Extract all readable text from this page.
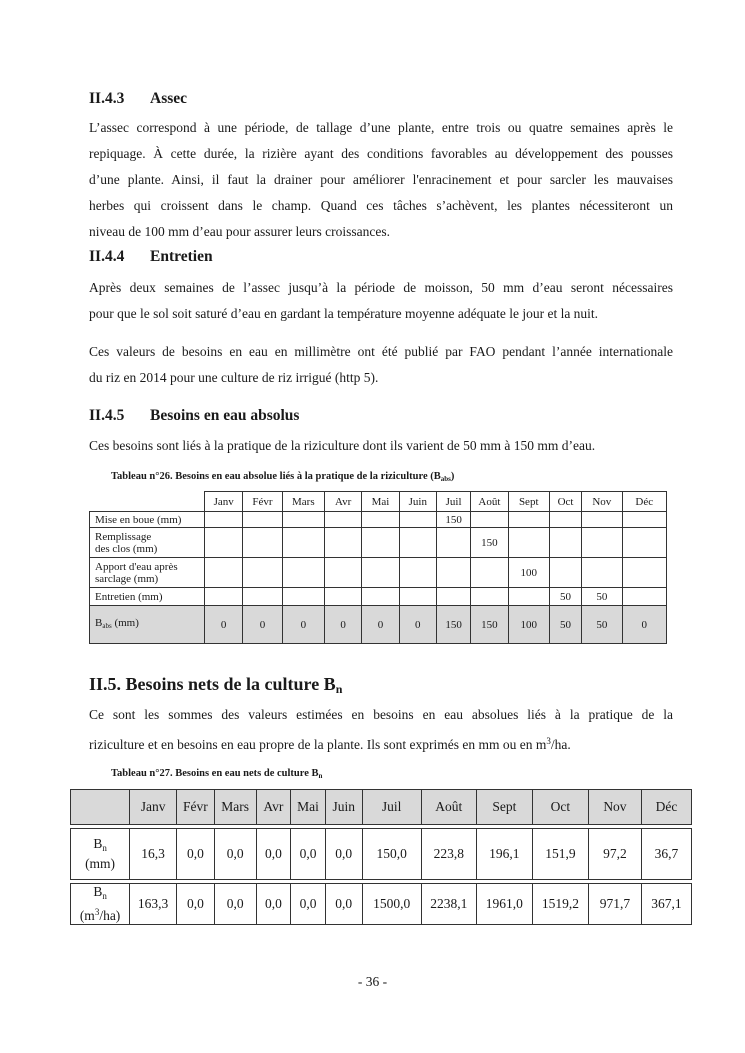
II.4.3 Assec
L’assec correspond à une période, de tallage d’une plante, entre trois ou quatre semaines après le
repiquage. À cette durée, la rizière ayant des conditions favorables au développement des pousses
d’une plante. Ainsi, il faut la drainer pour améliorer l'enracinement et pour sarcler les mauvaises
herbes qui croissent dans le champ. Quand ces tâches s’achèvent, les plantes nécessiteront un
niveau de 100 mm d’eau pour assurer leurs croissances.
II.4.4 Entretien
Après deux semaines de l’assec jusqu’à la période de moisson, 50 mm d’eau seront nécessaires
pour que le sol soit saturé d’eau en gardant la température moyenne adéquate le jour et la nuit.
Ces valeurs de besoins en eau en millimètre ont été publié par FAO pendant l’année internationale
du riz en 2014 pour une culture de riz irrigué (http 5).
II.4.5 Besoins en eau absolus
Ces besoins sont liés à la pratique de la riziculture dont ils varient de 50 mm à 150 mm d’eau.
Tableau n°26. Besoins en eau absolue liés à la pratique de la riziculture $(B_{abs})$
	Janv	Févr	Mars	Avr	Mai	Juin	Juil	Août	Sept	Oct	Nov	Déc
Mise en boue (mm)							150					
Remplissage
des clos (mm)								150				
Apport d'eau après
sarclage (mm)									100			
Entretien (mm)										50	50	
$B_{abs}$ (mm)	0	0	0	0	0	0	150	150	100	50	50	0
II.5. Besoins nets de la culture $B_n$
Ce sont les sommes des valeurs estimées en besoins en eau absolues liés à la pratique de la
riziculture et en besoins en eau propre de la plante. Ils sont exprimés en mm ou en $m^3/ha$.
Tableau n°27. Besoins en eau nets de culture $B_n$
	Janv	Févr	Mars	Avr	Mai	Juin	Juil	Août	Sept	Oct	Nov	Déc

$B_n$
(mm)	16,3	0,0	0,0	0,0	0,0	0,0	150,0	223,8	196,1	151,9	97,2	36,7

$B_n$
$(m^3/ha)$	163,3	0,0	0,0	0,0	0,0	0,0	1500,0	2238,1	1961,0	1519,2	971,7	367,1
- 36 -
